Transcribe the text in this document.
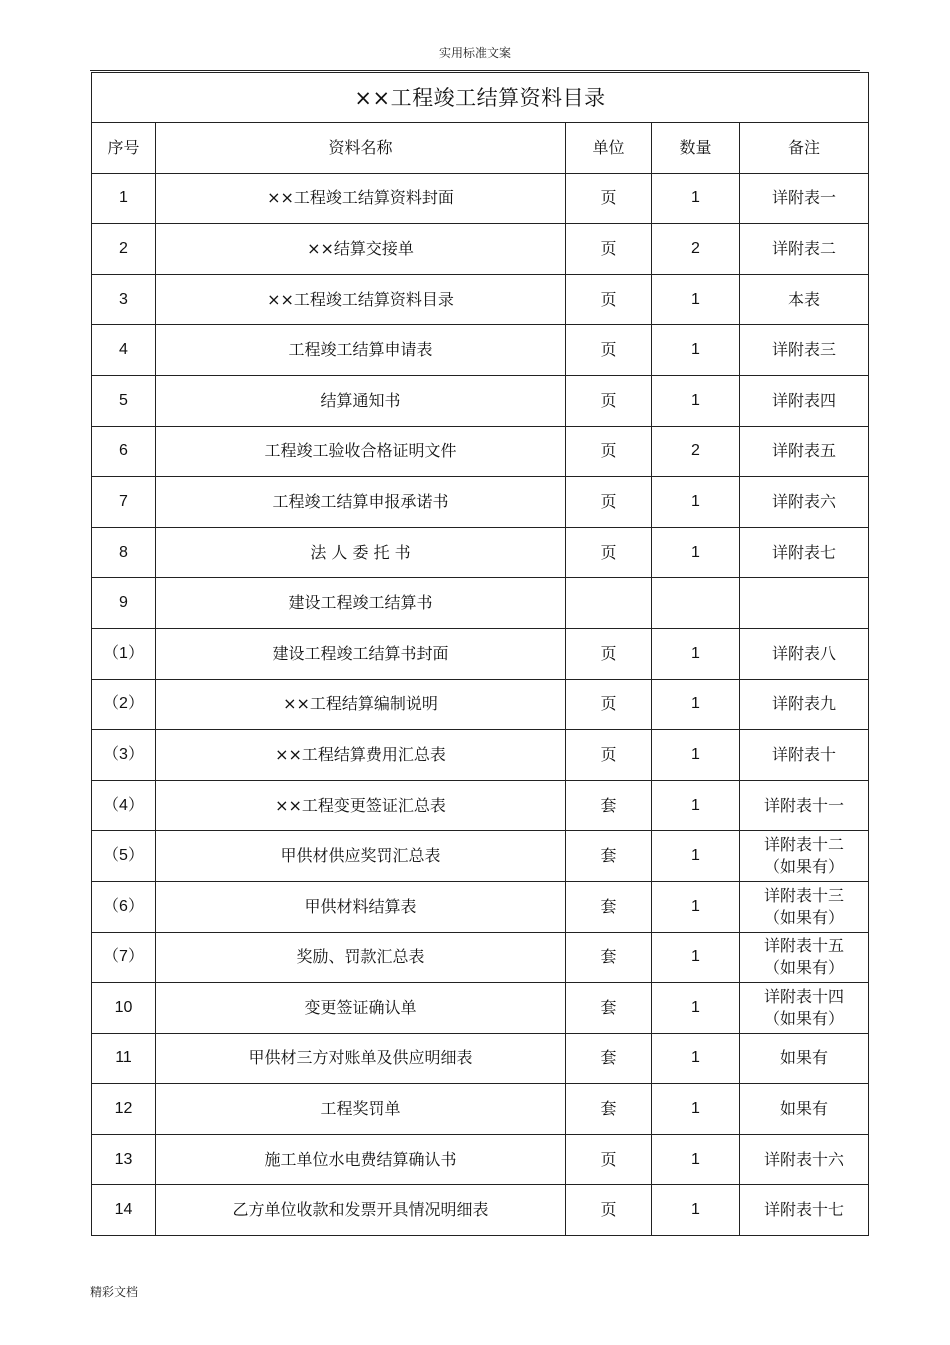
实用标准文案
××工程竣工结算资料目录				
序号	资料名称	单位	数量	备注
1	××工程竣工结算资料封面	页	1	详附表一

2	××结算交接单	页	2	详附表二

3	××工程竣工结算资料目录	页	1	本表

4	工程竣工结算申请表	页	1	详附表三

5	结算通知书	页	1	详附表四

6	工程竣工验收合格证明文件	页	2	详附表五

7	工程竣工结算申报承诺书	页	1	详附表六

8	法 人 委 托 书	页	1	详附表七

9	建设工程竣工结算书			

（1）	建设工程竣工结算书封面	页	1	详附表八

（2）	××工程结算编制说明	页	1	详附表九

（3）	××工程结算费用汇总表	页	1	详附表十

（4）	××工程变更签证汇总表	套	1	详附表十一

（5）	甲供材供应奖罚汇总表	套	1	详附表十二
（如果有）

（6）	甲供材料结算表	套	1	详附表十三
（如果有）

（7）	奖励、罚款汇总表	套	1	详附表十五
（如果有）

10	变更签证确认单	套	1	详附表十四
（如果有）

11	甲供材三方对账单及供应明细表	套	1	如果有

12	工程奖罚单	套	1	如果有

13	施工单位水电费结算确认书	页	1	详附表十六

14	乙方单位收款和发票开具情况明细表	页	1	详附表十七
精彩文档
